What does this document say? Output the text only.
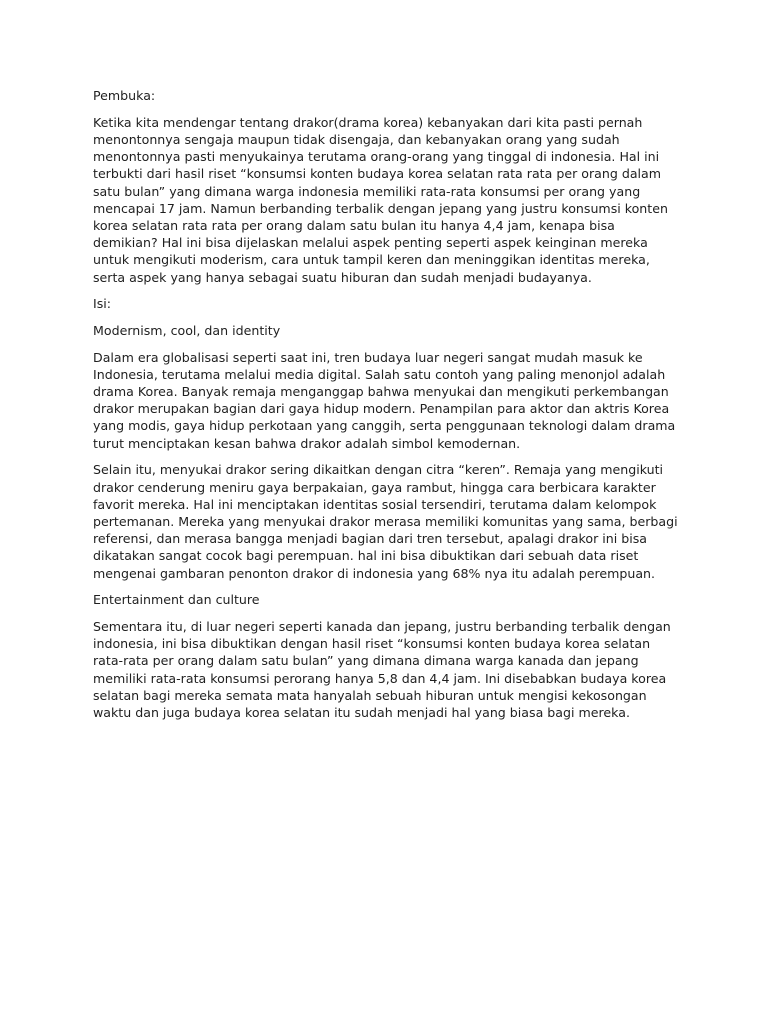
Pembuka:

Ketika kita mendengar tentang drakor(drama korea) kebanyakan dari kita pasti pernah menontonnya sengaja maupun tidak disengaja, dan kebanyakan orang yang sudah menontonnya pasti menyukainya terutama orang-orang yang tinggal di indonesia. Hal ini terbukti dari hasil riset “konsumsi konten budaya korea selatan rata rata per orang dalam satu bulan” yang dimana warga indonesia memiliki rata-rata konsumsi per orang yang mencapai 17 jam. Namun berbanding terbalik dengan jepang yang justru konsumsi konten korea selatan rata rata per orang dalam satu bulan itu hanya 4,4 jam, kenapa bisa demikian? Hal ini bisa dijelaskan melalui aspek penting seperti aspek keinginan mereka untuk mengikuti moderism, cara untuk tampil keren dan meninggikan identitas mereka, serta aspek yang hanya sebagai suatu hiburan dan sudah menjadi budayanya.

Isi:

Modernism, cool, dan identity

Dalam era globalisasi seperti saat ini, tren budaya luar negeri sangat mudah masuk ke Indonesia, terutama melalui media digital. Salah satu contoh yang paling menonjol adalah drama Korea. Banyak remaja menganggap bahwa menyukai dan mengikuti perkembangan drakor merupakan bagian dari gaya hidup modern. Penampilan para aktor dan aktris Korea yang modis, gaya hidup perkotaan yang canggih, serta penggunaan teknologi dalam drama turut menciptakan kesan bahwa drakor adalah simbol kemodernan.

Selain itu, menyukai drakor sering dikaitkan dengan citra “keren”. Remaja yang mengikuti drakor cenderung meniru gaya berpakaian, gaya rambut, hingga cara berbicara karakter favorit mereka. Hal ini menciptakan identitas sosial tersendiri, terutama dalam kelompok pertemanan. Mereka yang menyukai drakor merasa memiliki komunitas yang sama, berbagi referensi, dan merasa bangga menjadi bagian dari tren tersebut, apalagi drakor ini bisa dikatakan sangat cocok bagi perempuan. hal ini bisa dibuktikan dari sebuah data riset mengenai gambaran penonton drakor di indonesia yang 68% nya itu adalah perempuan.

Entertainment dan culture

Sementara itu, di luar negeri seperti kanada dan jepang, justru berbanding terbalik dengan indonesia, ini bisa dibuktikan dengan hasil riset “konsumsi konten budaya korea selatan rata-rata per orang dalam satu bulan” yang dimana dimana warga kanada dan jepang memiliki rata-rata konsumsi perorang hanya 5,8 dan 4,4 jam. Ini disebabkan budaya korea selatan bagi mereka semata mata hanyalah sebuah hiburan untuk mengisi kekosongan waktu dan juga budaya korea selatan itu sudah menjadi hal yang biasa bagi mereka.
